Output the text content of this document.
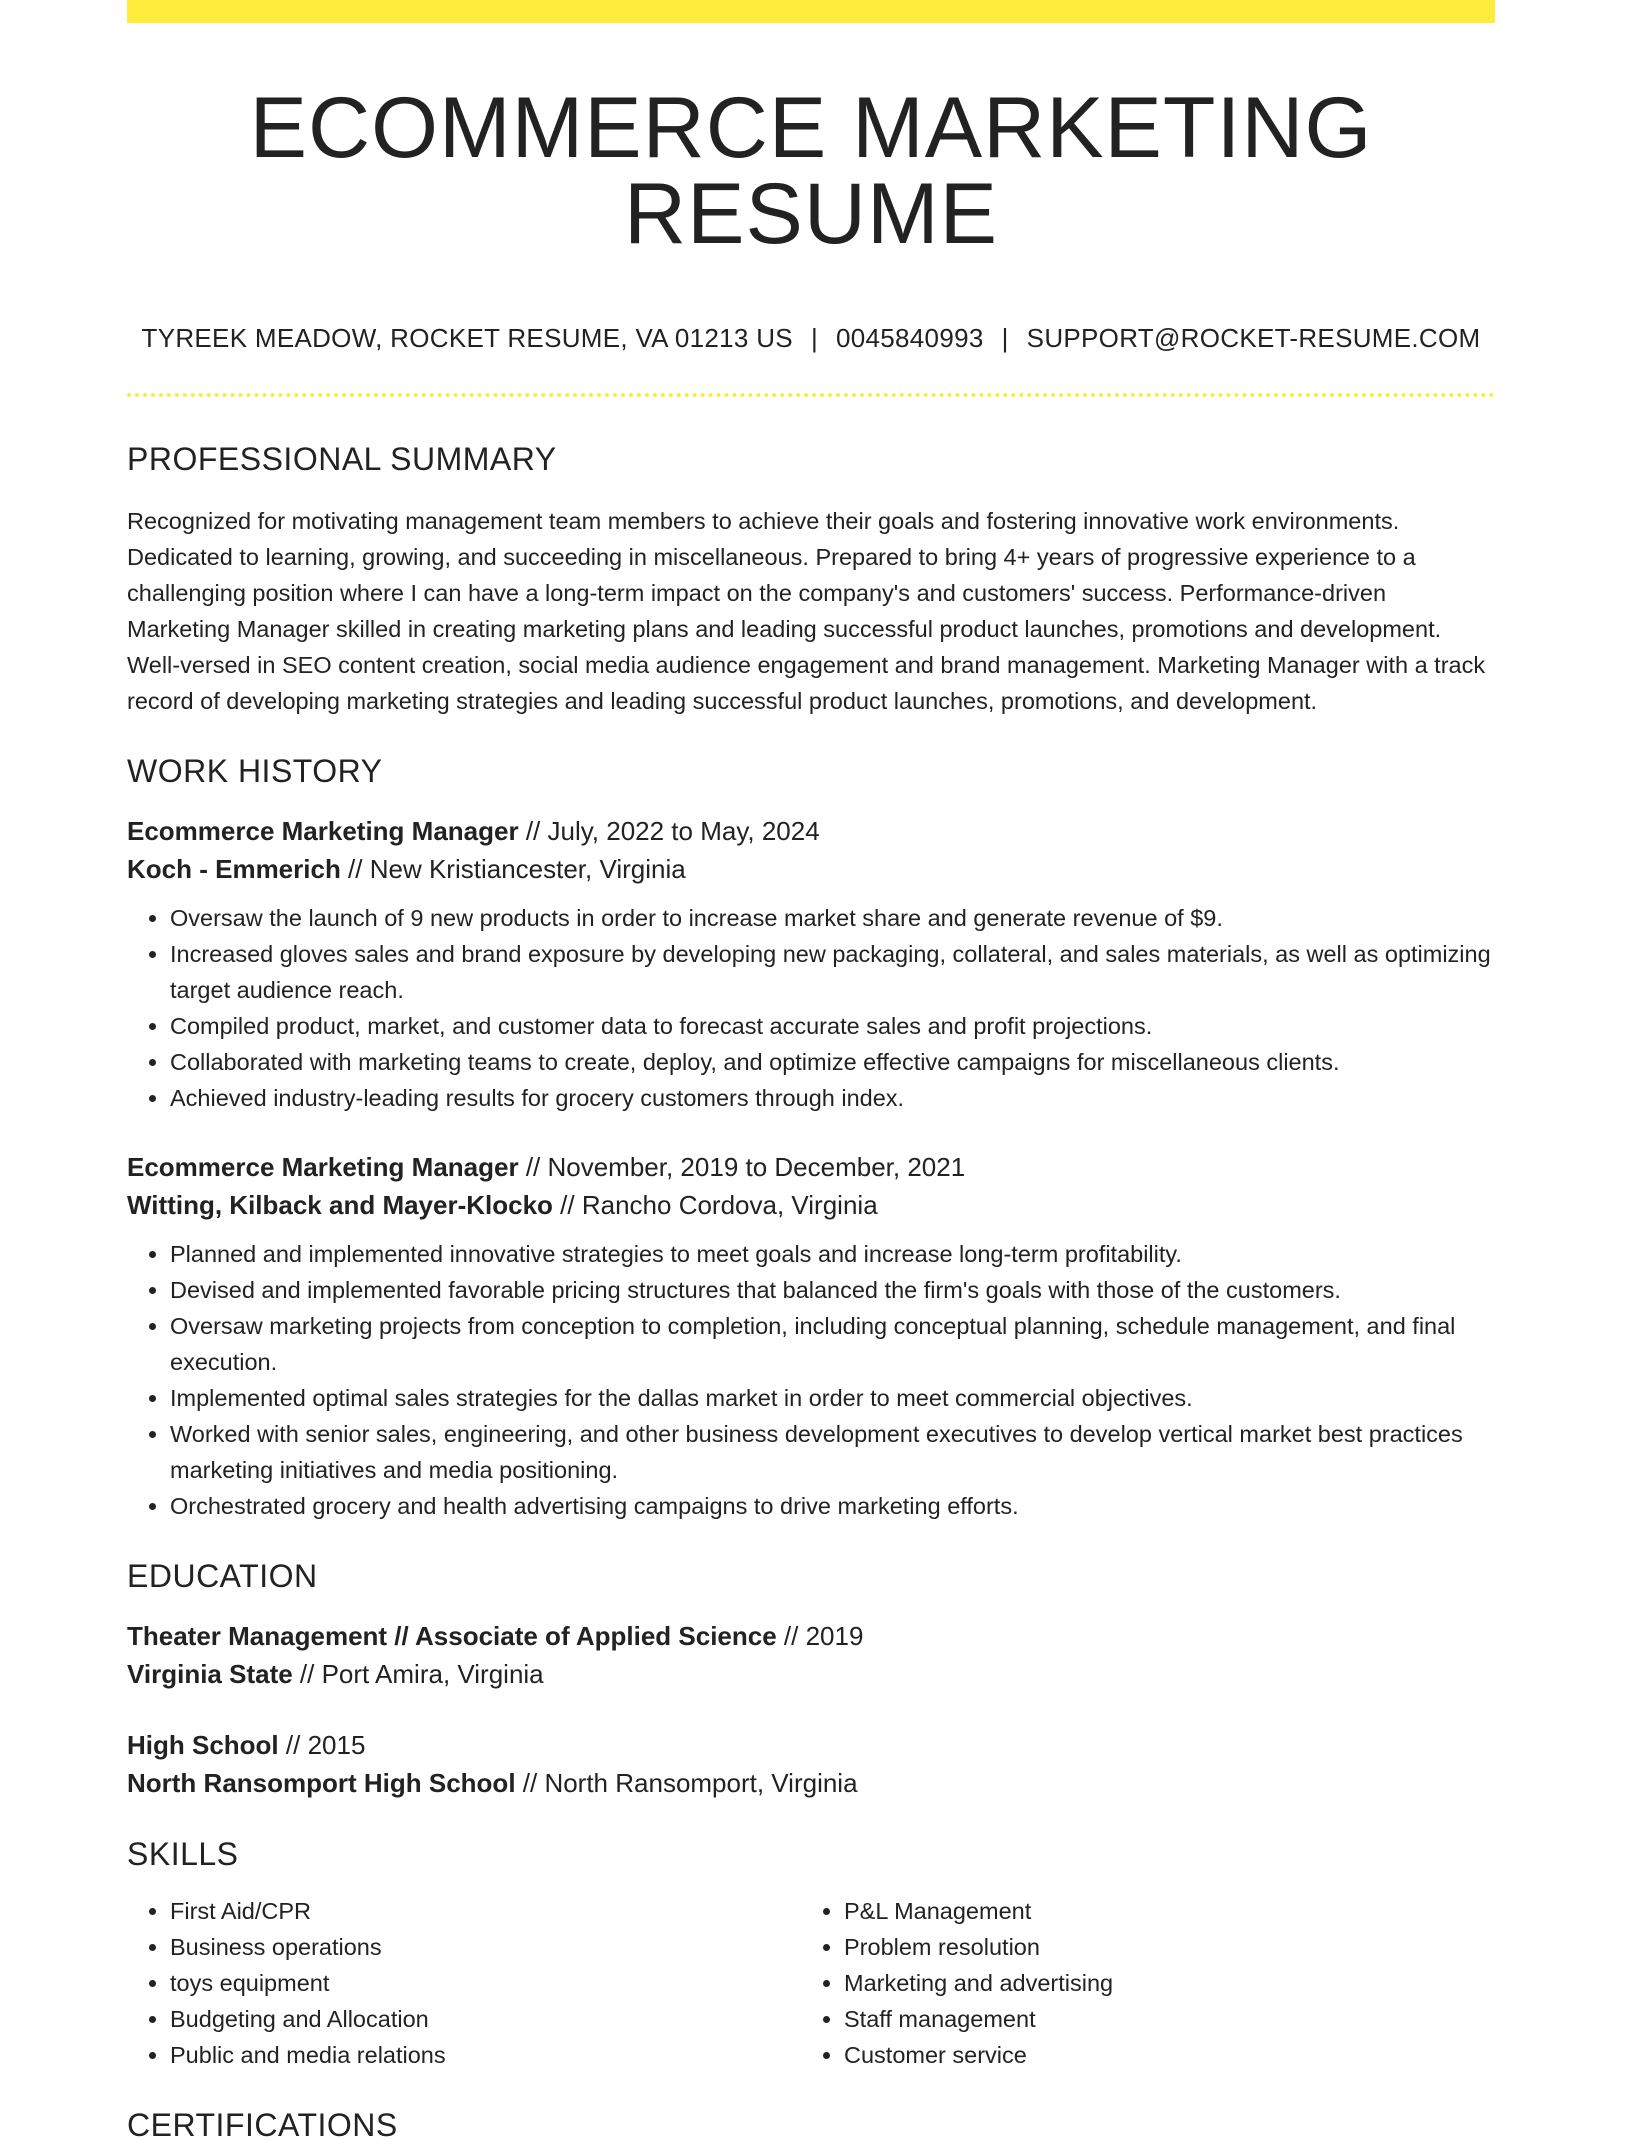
ECOMMERCE MARKETING RESUME
TYREEK MEADOW, ROCKET RESUME, VA 01213 US | 0045840993 | SUPPORT@ROCKET-RESUME.COM
PROFESSIONAL SUMMARY

Recognized for motivating management team members to achieve their goals and fostering innovative work environments. Dedicated to learning, growing, and succeeding in miscellaneous. Prepared to bring 4+ years of progressive experience to a challenging position where I can have a long-term impact on the company's and customers' success. Performance-driven Marketing Manager skilled in creating marketing plans and leading successful product launches, promotions and development. Well-versed in SEO content creation, social media audience engagement and brand management. Marketing Manager with a track record of developing marketing strategies and leading successful product launches, promotions, and development.

WORK HISTORY
Ecommerce Marketing Manager // July, 2022 to May, 2024
Koch - Emmerich // New Kristiancester, Virginia
• Oversaw the launch of 9 new products in order to increase market share and generate revenue of $9.
• Increased gloves sales and brand exposure by developing new packaging, collateral, and sales materials, as well as optimizing target audience reach.
• Compiled product, market, and customer data to forecast accurate sales and profit projections.
• Collaborated with marketing teams to create, deploy, and optimize effective campaigns for miscellaneous clients.
• Achieved industry-leading results for grocery customers through index.
Ecommerce Marketing Manager // November, 2019 to December, 2021
Witting, Kilback and Mayer-Klocko // Rancho Cordova, Virginia
• Planned and implemented innovative strategies to meet goals and increase long-term profitability.
• Devised and implemented favorable pricing structures that balanced the firm's goals with those of the customers.
• Oversaw marketing projects from conception to completion, including conceptual planning, schedule management, and final execution.
• Implemented optimal sales strategies for the dallas market in order to meet commercial objectives.
• Worked with senior sales, engineering, and other business development executives to develop vertical market best practices marketing initiatives and media positioning.
• Orchestrated grocery and health advertising campaigns to drive marketing efforts.
EDUCATION
Theater Management // Associate of Applied Science // 2019
Virginia State // Port Amira, Virginia
High School // 2015
North Ransomport High School // North Ransomport, Virginia
SKILLS
• First Aid/CPR
• Business operations
• toys equipment
• Budgeting and Allocation
• Public and media relations
• P&L Management
• Problem resolution
• Marketing and advertising
• Staff management
• Customer service
CERTIFICATIONS
